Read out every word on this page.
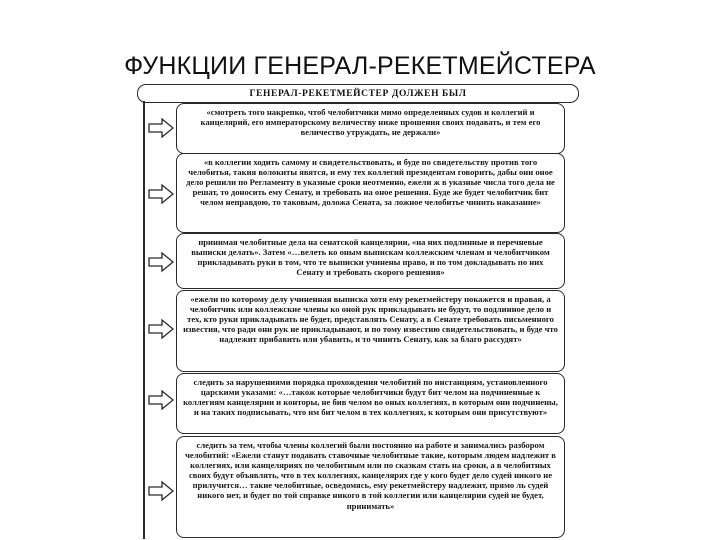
ФУНКЦИИ ГЕНЕРАЛ-РЕКЕТМЕЙСТЕРА
ГЕНЕРАЛ-РЕКЕТМЕЙСТЕР ДОЛЖЕН БЫЛ
«смотреть того накрепко, чтоб челобитчики мимо определенных судов и коллегий и канцелярий, его императорскому величеству ниже прошения своих подавать, и тем его величество утруждать, не держали»
«в коллегии ходить самому и свидетельствовать, и буде по свидетельству против того челобитья, такия волокиты явятся, и ему тех коллегий президентам говорить, дабы они оное дело решили по Регламенту в указные сроки неотменно, ежели ж в указные числа того дела не решат, то доносить ему Сенату, и требовать на оное решения. Буде же будет челобитчик бит челом неправдою, то таковым, доложа Сената, за ложное челобитье чинить наказание»
принимая челобитные дела на сенатской канцелярии, «на них подлинные и перечневые выписки делать». Затем «…велеть ко оным выпискам коллежским членам и челобитчиком прикладывать руки в том, что те выписки учинены право, и по том докладывать по них Сенату и требовать скорого решения»
«ежели по которому делу учиненная выписка хотя ему рекетмейстеру покажется и правая, а челобитчик или коллежские члены ко оной рук прикладывать не будут, то подлинное дело и тех, кто руки прикладывать не будет, представлять Сенату, а в Сенате требовать письменного известия, что ради они рук не прикладывают, и по тому известию свидетельствовать, и буде что надлежит прибавить или убавить, и то чинить Сенату, как за благо рассудят»
следить за нарушениями порядка прохождения челобитий по инстанциям, установленного царскими указами: «…також которые челобитчики будут бит челом на подчиненные к коллегиям канцелярии и конторы, не бив челом во оных коллегиях, в которым они подчинены, и на таких подписывать, что им бит челом в тех коллегиях, к которым они присутствуют»
следить за тем, чтобы члены коллегий были постоянно на работе и занимались разбором челобитий: «Ежели станут подавать ставочные челобитные такие, которым людем надлежит в коллегиях, или канцеляриях по челобитным или по сказкам стать на сроки, а в челобитных своих будут объявлять, что в тех коллегиях, канцелярях где у кого будет дело судей никого не прилучится… такие челобитные, осведомясь, ему рекетмейстеру надлежит, прямо ль судей никого нет, и будет по той справке никого в той коллегии или канцелярии судей не будет, принимать»
